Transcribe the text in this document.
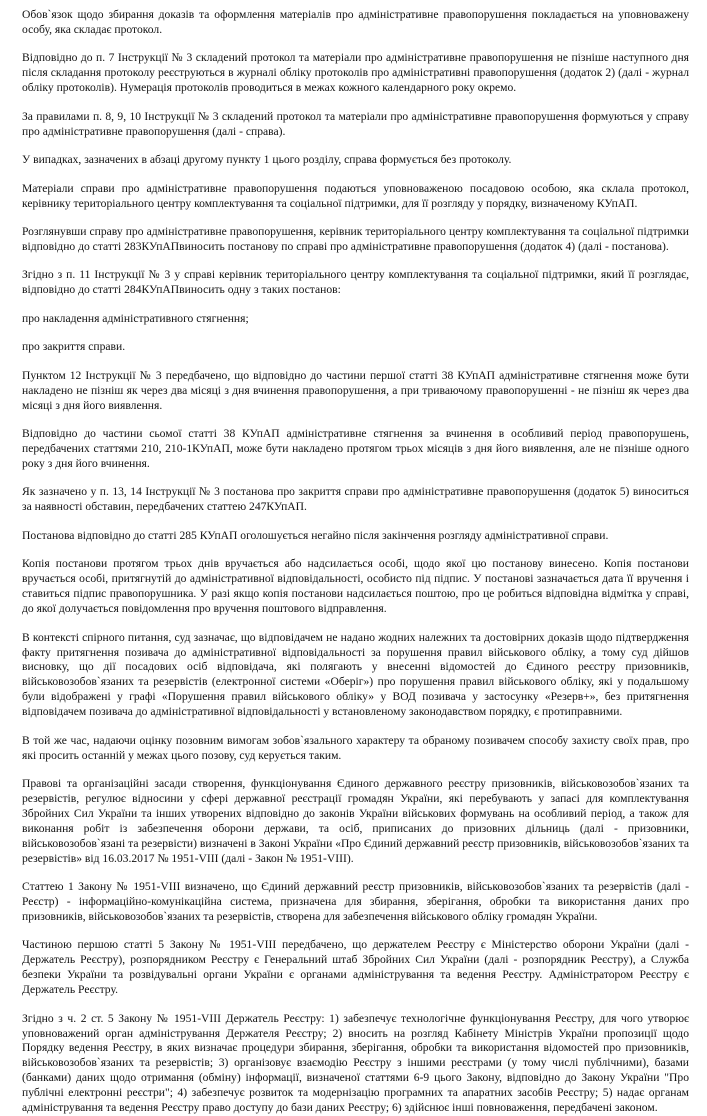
Обов`язок щодо збирання доказів та оформлення матеріалів про адміністративне правопорушення покладається на уповноважену особу, яка складає протокол.

Відповідно до п. 7 Інструкції № 3 складений протокол та матеріали про адміністративне правопорушення не пізніше наступного дня після складання протоколу реєструються в журналі обліку протоколів про адміністративні правопорушення (додаток 2) (далі - журнал обліку протоколів). Нумерація протоколів проводиться в межах кожного календарного року окремо.

За правилами п. 8, 9, 10 Інструкції № 3 складений протокол та матеріали про адміністративне правопорушення формуються у справу про адміністративне правопорушення (далі - справа).

У випадках, зазначених в абзаці другому пункту 1 цього розділу, справа формується без протоколу.

Матеріали справи про адміністративне правопорушення подаються уповноваженою посадовою особою, яка склала протокол, керівнику територіального центру комплектування та соціальної підтримки, для її розгляду у порядку, визначеному КУпАП.

Розглянувши справу про адміністративне правопорушення, керівник територіального центру комплектування та соціальної підтримки відповідно до статті 283КУпАПвиносить постанову по справі про адміністративне правопорушення (додаток 4) (далі - постанова).

Згідно з п. 11 Інструкції № 3 у справі керівник територіального центру комплектування та соціальної підтримки, який її розглядає, відповідно до статті 284КУпАПвиносить одну з таких постанов:

про накладення адміністративного стягнення;

про закриття справи.

Пунктом 12 Інструкції № 3 передбачено, що відповідно до частини першої статті 38 КУпАП адміністративне стягнення може бути накладено не пізніш як через два місяці з дня вчинення правопорушення, а при триваючому правопорушенні - не пізніш як через два місяці з дня його виявлення.

Відповідно до частини сьомої статті 38 КУпАП адміністративне стягнення за вчинення в особливий період правопорушень, передбачених статтями 210, 210-1КУпАП, може бути накладено протягом трьох місяців з дня його виявлення, але не пізніше одного року з дня його вчинення.

Як зазначено у п. 13, 14 Інструкції № 3 постанова про закриття справи про адміністративне правопорушення (додаток 5) виноситься за наявності обставин, передбачених статтею 247КУпАП.

Постанова відповідно до статті 285 КУпАП оголошується негайно після закінчення розгляду адміністративної справи.

Копія постанови протягом трьох днів вручається або надсилається особі, щодо якої цю постанову винесено. Копія постанови вручається особі, притягнутій до адміністративної відповідальності, особисто під підпис. У постанові зазначається дата її вручення і ставиться підпис правопорушника. У разі якщо копія постанови надсилається поштою, про це робиться відповідна відмітка у справі, до якої долучається повідомлення про вручення поштового відправлення.

В контексті спірного питання, суд зазначає, що відповідачем не надано жодних належних та достовірних доказів щодо підтвердження факту притягнення позивача до адміністративної відповідальності за порушення правил військового обліку, а тому суд дійшов висновку, що дії посадових осіб відповідача, які полягають у внесенні відомостей до Єдиного реєстру призовників, військовозобов`язаних та резервістів (електронної системи «Оберіг») про порушення правил військового обліку, які у подальшому були відображені у графі «Порушення правил військового обліку» у ВОД позивача у застосунку «Резерв+», без притягнення відповідачем позивача до адміністративної відповідальності у встановленому законодавством порядку, є протиправними.

В той же час, надаючи оцінку позовним вимогам зобов`язального характеру та обраному позивачем способу захисту своїх прав, про які просить останній у межах цього позову, суд керується таким.

Правові та організаційні засади створення, функціонування Єдиного державного реєстру призовників, військовозобов`язаних та резервістів, регулює відносини у сфері державної реєстрації громадян України, які перебувають у запасі для комплектування Збройних Сил України та інших утворених відповідно до законів України військових формувань на особливий період, а також для виконання робіт із забезпечення оборони держави, та осіб, приписаних до призовних дільниць (далі - призовники, військовозобов`язані та резервісти) визначені в Законі України «Про Єдиний державний реєстр призовників, військовозобов`язаних та резервістів» від 16.03.2017 № 1951-VIII (далі - Закон № 1951-VIII).

Статтею 1 Закону № 1951-VIII визначено, що Єдиний державний реєстр призовників, військовозобов`язаних та резервістів (далі - Реєстр) - інформаційно-комунікаційна система, призначена для збирання, зберігання, обробки та використання даних про призовників, військовозобов`язаних та резервістів, створена для забезпечення військового обліку громадян України.

Частиною першою статті 5 Закону № 1951-VIII передбачено, що держателем Реєстру є Міністерство оборони України (далі - Держатель Реєстру), розпорядником Реєстру є Генеральний штаб Збройних Сил України (далі - розпорядник Реєстру), а Служба безпеки України та розвідувальні органи України є органами адміністрування та ведення Реєстру. Адміністратором Реєстру є Держатель Реєстру.

Згідно з ч. 2 ст. 5 Закону № 1951-VIII Держатель Реєстру: 1) забезпечує технологічне функціонування Реєстру, для чого утворює уповноважений орган адміністрування Держателя Реєстру; 2) вносить на розгляд Кабінету Міністрів України пропозиції щодо Порядку ведення Реєстру, в яких визначає процедури збирання, зберігання, обробки та використання відомостей про призовників, військовозобов`язаних та резервістів; 3) організовує взаємодію Реєстру з іншими реєстрами (у тому числі публічними), базами (банками) даних щодо отримання (обміну) інформації, визначеної статтями 6-9 цього Закону, відповідно до Закону України "Про публічні електронні реєстри"; 4) забезпечує розвиток та модернізацію програмних та апаратних засобів Реєстру; 5) надає органам адміністрування та ведення Реєстру право доступу до бази даних Реєстру; 6) здійснює інші повноваження, передбачені законом.
